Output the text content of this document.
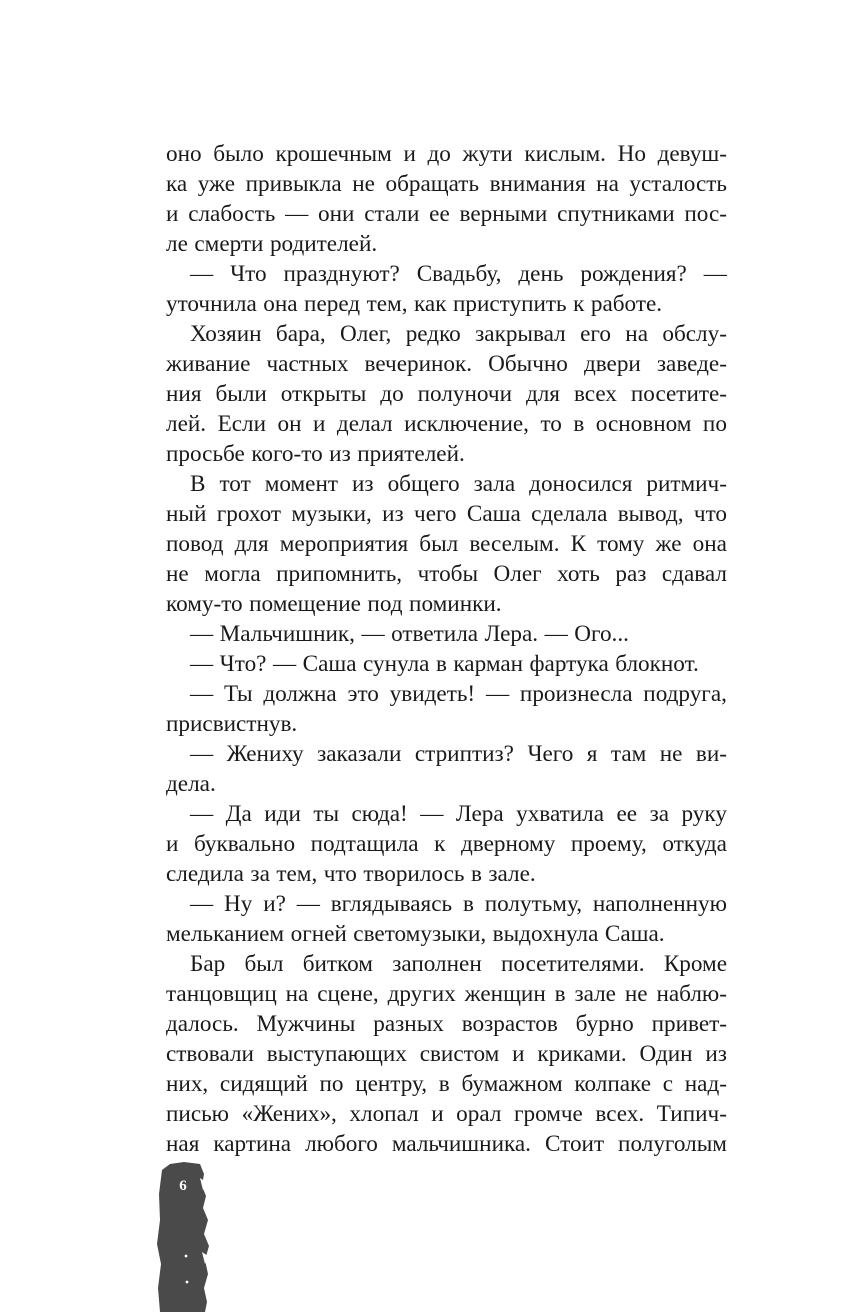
оно было крошечным и до жути кислым. Но девуш-
ка уже привыкла не обращать внимания на усталость
и слабость — они стали ее верными спутниками пос-
ле смерти родителей.
— Что празднуют? Свадьбу, день рождения? —
уточнила она перед тем, как приступить к работе.
Хозяин бара, Олег, редко закрывал его на обслу-
живание частных вечеринок. Обычно двери заведе-
ния были открыты до полуночи для всех посетите-
лей. Если он и делал исключение, то в основном по
просьбе кого-то из приятелей.
В тот момент из общего зала доносился ритмич-
ный грохот музыки, из чего Саша сделала вывод, что
повод для мероприятия был веселым. К тому же она
не могла припомнить, чтобы Олег хоть раз сдавал
кому-то помещение под поминки.
— Мальчишник, — ответила Лера. — Ого...
— Что? — Саша сунула в карман фартука блокнот.
— Ты должна это увидеть! — произнесла подруга,
присвистнув.
— Жениху заказали стриптиз? Чего я там не ви-
дела.
— Да иди ты сюда! — Лера ухватила ее за руку
и буквально подтащила к дверному проему, откуда
следила за тем, что творилось в зале.
— Ну и? — вглядываясь в полутьму, наполненную
мельканием огней светомузыки, выдохнула Саша.
Бар был битком заполнен посетителями. Кроме
танцовщиц на сцене, других женщин в зале не наблю-
далось. Мужчины разных возрастов бурно привет-
ствовали выступающих свистом и криками. Один из
них, сидящий по центру, в бумажном колпаке с над-
писью «Жених», хлопал и орал громче всех. Типич-
ная картина любого мальчишника. Стоит полуголым
6
